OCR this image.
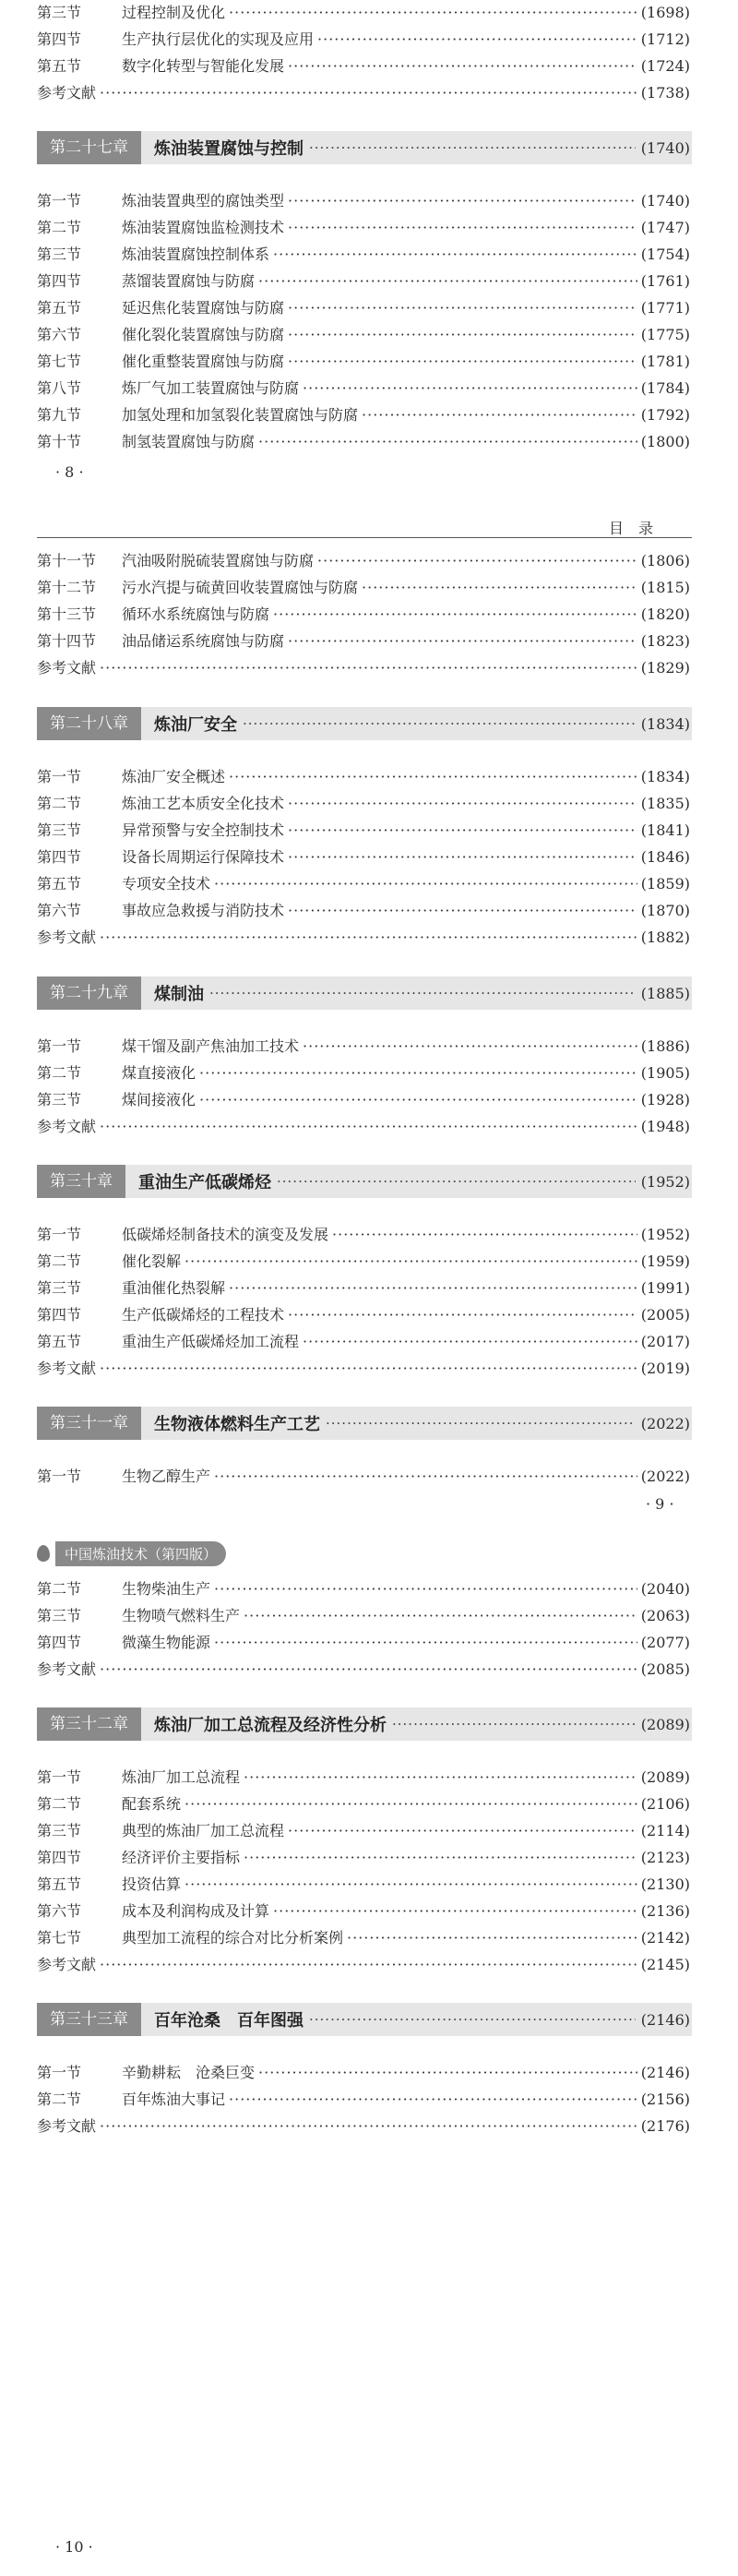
第三节	过程控制及优化 ·····	(1698)
第四节	生产执行层优化的实现及应用 ·····	(1712)
第五节	数字化转型与智能化发展 ·····	(1724)
参考文献 ·····	(1738)
第二十七章	炼油装置腐蚀与控制 ·····	(1740)
第一节	炼油装置典型的腐蚀类型 ·····	(1740)
第二节	炼油装置腐蚀监检测技术 ·····	(1747)
第三节	炼油装置腐蚀控制体系 ·····	(1754)
第四节	蒸馏装置腐蚀与防腐 ·····	(1761)
第五节	延迟焦化装置腐蚀与防腐 ·····	(1771)
第六节	催化裂化装置腐蚀与防腐 ·····	(1775)
第七节	催化重整装置腐蚀与防腐 ·····	(1781)
第八节	炼厂气加工装置腐蚀与防腐 ·····	(1784)
第九节	加氢处理和加氢裂化装置腐蚀与防腐 ·····	(1792)
第十节	制氢装置腐蚀与防腐 ·····	(1800)
· 8 ·
目录
第十一节	汽油吸附脱硫装置腐蚀与防腐 ·····	(1806)
第十二节	污水汽提与硫黄回收装置腐蚀与防腐 ·····	(1815)
第十三节	循环水系统腐蚀与防腐 ·····	(1820)
第十四节	油品储运系统腐蚀与防腐 ·····	(1823)
参考文献 ·····	(1829)
第二十八章	炼油厂安全 ·····	(1834)
第一节	炼油厂安全概述 ·····	(1834)
第二节	炼油工艺本质安全化技术 ·····	(1835)
第三节	异常预警与安全控制技术 ·····	(1841)
第四节	设备长周期运行保障技术 ·····	(1846)
第五节	专项安全技术 ·····	(1859)
第六节	事故应急救援与消防技术 ·····	(1870)
参考文献 ·····	(1882)
第二十九章	煤制油 ·····	(1885)
第一节	煤干馏及副产焦油加工技术 ·····	(1886)
第二节	煤直接液化 ·····	(1905)
第三节	煤间接液化 ·····	(1928)
参考文献 ·····	(1948)
第三十章	重油生产低碳烯烃 ·····	(1952)
第一节	低碳烯烃制备技术的演变及发展 ·····	(1952)
第二节	催化裂解 ·····	(1959)
第三节	重油催化热裂解 ·····	(1991)
第四节	生产低碳烯烃的工程技术 ·····	(2005)
第五节	重油生产低碳烯烃加工流程 ·····	(2017)
参考文献 ·····	(2019)
第三十一章	生物液体燃料生产工艺 ·····	(2022)
第一节	生物乙醇生产 ·····	(2022)
· 9 ·
中国炼油技术（第四版）
第二节	生物柴油生产 ·····	(2040)
第三节	生物喷气燃料生产 ·····	(2063)
第四节	微藻生物能源 ·····	(2077)
参考文献 ·····	(2085)
第三十二章	炼油厂加工总流程及经济性分析 ·····	(2089)
第一节	炼油厂加工总流程 ·····	(2089)
第二节	配套系统 ·····	(2106)
第三节	典型的炼油厂加工总流程 ·····	(2114)
第四节	经济评价主要指标 ·····	(2123)
第五节	投资估算 ·····	(2130)
第六节	成本及利润构成及计算 ·····	(2136)
第七节	典型加工流程的综合对比分析案例 ·····	(2142)
参考文献 ·····	(2145)
第三十三章	百年沧桑　百年图强 ·····	(2146)
第一节	辛勤耕耘　沧桑巨变 ·····	(2146)
第二节	百年炼油大事记 ·····	(2156)
参考文献 ·····	(2176)
· 10 ·
